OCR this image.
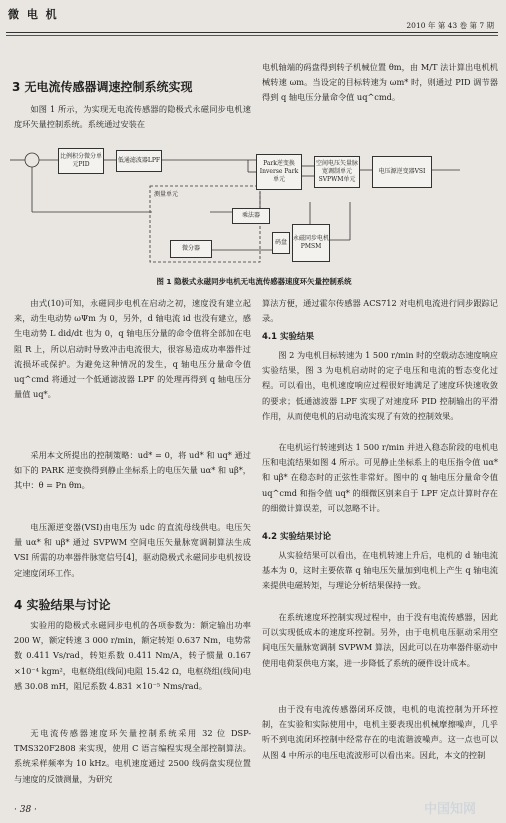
微 电 机
2010 年 第 43 卷 第 7 期
3 无电流传感器调速控制系统实现
如图 1 所示，为实现无电流传感器的隐极式永磁同步电机速度环矢量控制系统。系统通过安装在
电机轴端的码盘得到转子机械位置 θm，由 M/T 法计算出电机机械转速 ωm。当设定的目标转速为 ωm* 时，则通过 PID 调节器得到 q 轴电压分量命令值 uq^cmd。
比例积分微分单元PID
低通滤波器LPF	Park逆变换Inverse Park单元
空间电压矢量脉宽调制单元SVPWM单元
电压源逆变器VSI
测量单元
乘法器
微分器
码盘
永磁同步电机PMSM
图 1 隐极式永磁同步电机无电流传感器速度环矢量控制系统
由式(10)可知，永磁同步电机在启动之初，速度没有建立起来，动生电动势 ωΨm 为 0，另外，d 轴电流 id 也没有建立，感生电动势 L did/dt 也为 0，q 轴电压分量的命令值将全部加在电阻 R 上，所以启动时导致冲击电流很大，很容易造成功率器件过流损坏或保护。为避免这种情况的发生，q 轴电压分量命令值 uq^cmd 将通过一个低通滤波器 LPF 的处理再得到 q 轴电压分量值 uq*。
采用本文所提出的控制策略：ud* = 0，将 ud* 和 uq* 通过如下的 PARK 逆变换得到静止坐标系上的电压矢量 uα* 和 uβ*，其中：θ = Pn θm。
电压源逆变器(VSI)由电压为 udc 的直流母线供电。电压矢量 uα* 和 uβ* 通过 SVPWM 空间电压矢量脉宽调制算法生成 VSI 所需的功率器件脉宽信号[4]，驱动隐极式永磁同步电机按设定速度闭环工作。
4 实验结果与讨论
实验用的隐极式永磁同步电机的各项参数为：额定输出功率 200 W，额定转速 3 000 r/min，额定转矩 0.637 Nm，电势常数 0.411 Vs/rad，转矩系数 0.411 Nm/A，转子惯量 0.167 ×10⁻⁴ kgm²，电枢绕组(线间)电阻 15.42 Ω，电枢绕组(线间)电感 30.08 mH，阻尼系数 4.831 ×10⁻⁵ Nms/rad。
无电流传感器速度环矢量控制系统采用 32 位 DSP-TMS320F2808 来实现，使用 C 语言编程实现全部控制算法。系统采样频率为 10 kHz。电机速度通过 2500 线码盘实现位置与速度的反馈测量，为研究
算法方便，通过霍尔传感器 ACS712 对电机电流进行同步跟踪记录。
4.1 实验结果
图 2 为电机目标转速为 1 500 r/min 时的空载动态速度响应实验结果，图 3 为电机启动时的定子电压和电流的暂态变化过程。可以看出，电机速度响应过程很好地满足了速度环快速收敛的要求；低通滤波器 LPF 实现了对速度环 PID 控制输出的平滑作用，从而使电机的启动电流实现了有效的控制效果。
在电机运行转速到达 1 500 r/min 并进入稳态阶段的电机电压和电流结果如图 4 所示。可见静止坐标系上的电压指令值 uα* 和 uβ* 在稳态时的正弦性非常好。图中的 q 轴电压分量命令值 uq^cmd 和指令值 uq* 的细微区别来自于 LPF 定点计算时存在的细微计算误差，可以忽略不计。
4.2 实验结果讨论
从实验结果可以看出，在电机转速上升后，电机的 d 轴电流基本为 0，这时主要依靠 q 轴电压矢量加到电机上产生 q 轴电流来提供电磁转矩，与理论分析结果保持一致。
在系统速度环控制实现过程中，由于没有电流传感器，因此可以实现低成本的速度环控制。另外，由于电机电压驱动采用空间电压矢量脉宽调制 SVPWM 算法，因此可以在功率器件驱动中使用电荷泵供电方案，进一步降低了系统的硬件设计成本。
由于没有电流传感器闭环反馈，电机的电流控制为开环控制，在实验和实际使用中，电机主要表现出机械摩擦噪声，几乎听不到电流闭环控制中经常存在的电流谐波噪声。这一点也可以从图 4 中所示的电压电流波形可以看出来。因此，本文的控制
· 38 ·	中国知网
